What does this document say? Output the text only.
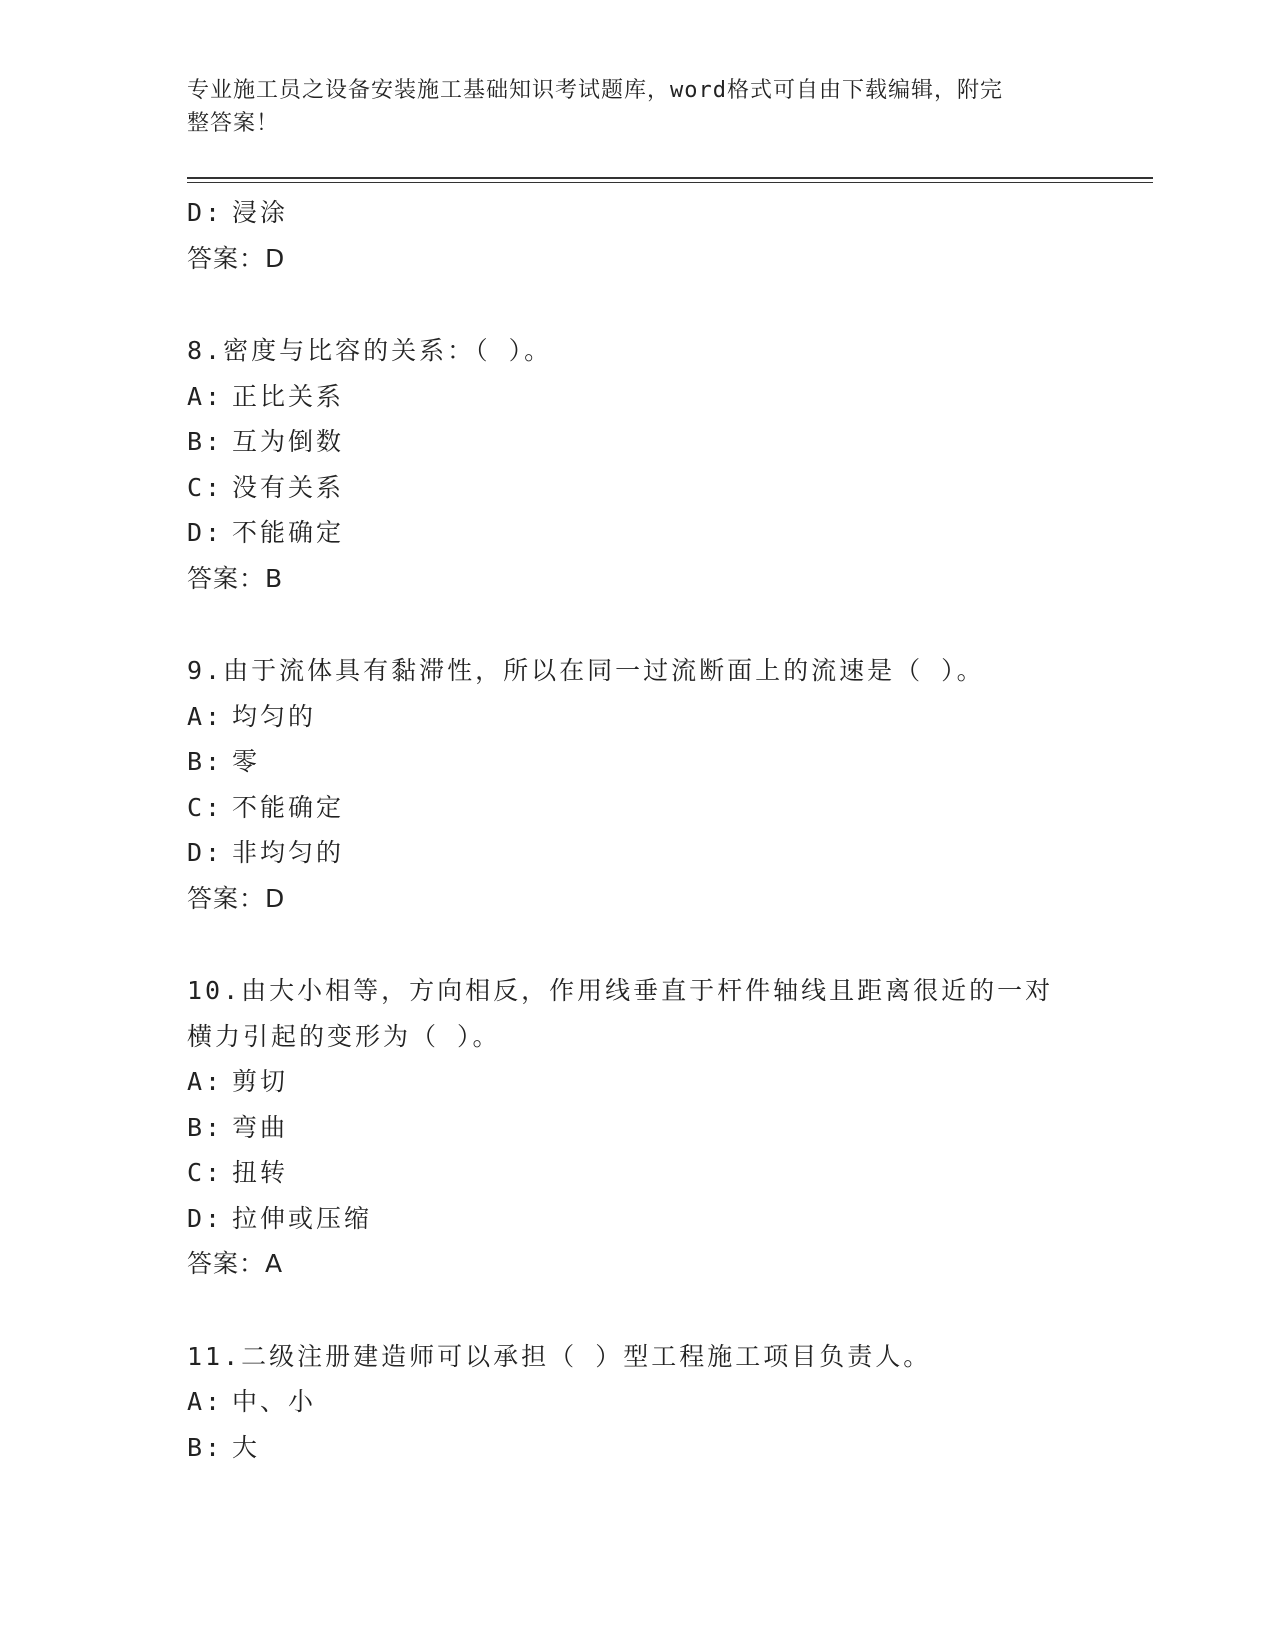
专业施工员之设备安装施工基础知识考试题库，word格式可自由下载编辑，附完
整答案！
D: 浸涂
答案：D
8.密度与比容的关系：（ ）。
A: 正比关系
B: 互为倒数
C: 没有关系
D: 不能确定
答案：B
9.由于流体具有黏滞性，所以在同一过流断面上的流速是（ ）。
A: 均匀的
B: 零
C: 不能确定
D: 非均匀的
答案：D
10.由大小相等，方向相反，作用线垂直于杆件轴线且距离很近的一对
横力引起的变形为（ ）。
A: 剪切
B: 弯曲
C: 扭转
D: 拉伸或压缩
答案：A
11.二级注册建造师可以承担（ ）型工程施工项目负责人。
A: 中、小
B: 大
